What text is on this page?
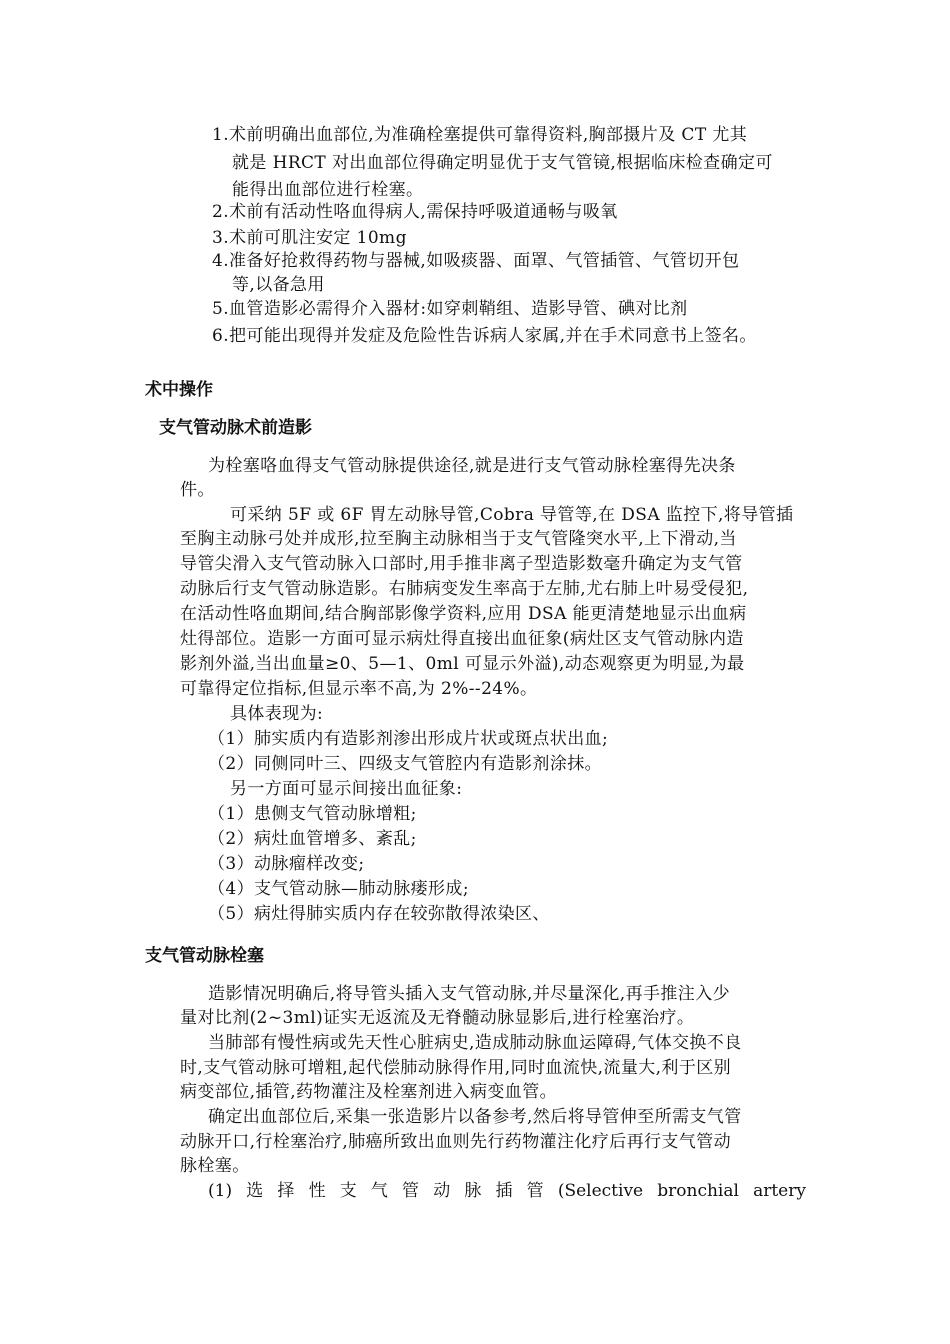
1.术前明确出血部位,为准确栓塞提供可靠得资料,胸部摄片及 CT 尤其
就是 HRCT 对出血部位得确定明显优于支气管镜,根据临床检查确定可
能得出血部位进行栓塞。
2.术前有活动性咯血得病人,需保持呼吸道通畅与吸氧
3.术前可肌注安定 10mg
4.准备好抢救得药物与器械,如吸痰器、面罩、气管插管、气管切开包
等,以备急用
5.血管造影必需得介入器材:如穿刺鞘组、造影导管、碘对比剂
6.把可能出现得并发症及危险性告诉病人家属,并在手术同意书上签名。
术中操作
支气管动脉术前造影
为栓塞咯血得支气管动脉提供途径,就是进行支气管动脉栓塞得先决条
件。
可采纳 5F 或 6F 胃左动脉导管,Cobra 导管等,在 DSA 监控下,将导管插
至胸主动脉弓处并成形,拉至胸主动脉相当于支气管隆突水平,上下滑动,当
导管尖滑入支气管动脉入口部时,用手推非离子型造影数毫升确定为支气管
动脉后行支气管动脉造影。右肺病变发生率高于左肺,尤右肺上叶易受侵犯,
在活动性咯血期间,结合胸部影像学资料,应用 DSA 能更清楚地显示出血病
灶得部位。造影一方面可显示病灶得直接出血征象(病灶区支气管动脉内造
影剂外溢,当出血量≥0、5—1、0ml 可显示外溢),动态观察更为明显,为最
可靠得定位指标,但显示率不高,为 2%--24%。
具体表现为:
（1）肺实质内有造影剂渗出形成片状或斑点状出血;
（2）同侧同叶三、四级支气管腔内有造影剂涂抹。
另一方面可显示间接出血征象:
（1）患侧支气管动脉增粗;
（2）病灶血管增多、紊乱;
（3）动脉瘤样改变;
（4）支气管动脉—肺动脉瘘形成;
（5）病灶得肺实质内存在较弥散得浓染区、
支气管动脉栓塞
造影情况明确后,将导管头插入支气管动脉,并尽量深化,再手推注入少
量对比剂(2~3ml)证实无返流及无脊髓动脉显影后,进行栓塞治疗。
当肺部有慢性病或先天性心脏病史,造成肺动脉血运障碍,气体交换不良
时,支气管动脉可增粗,起代偿肺动脉得作用,同时血流快,流量大,利于区别
病变部位,插管,药物灌注及栓塞剂进入病变血管。
确定出血部位后,采集一张造影片以备参考,然后将导管伸至所需支气管
动脉开口,行栓塞治疗,肺癌所致出血则先行药物灌注化疗后再行支气管动
脉栓塞。
(1) 选 择 性 支 气 管 动 脉 插 管 (Selective bronchial artery
